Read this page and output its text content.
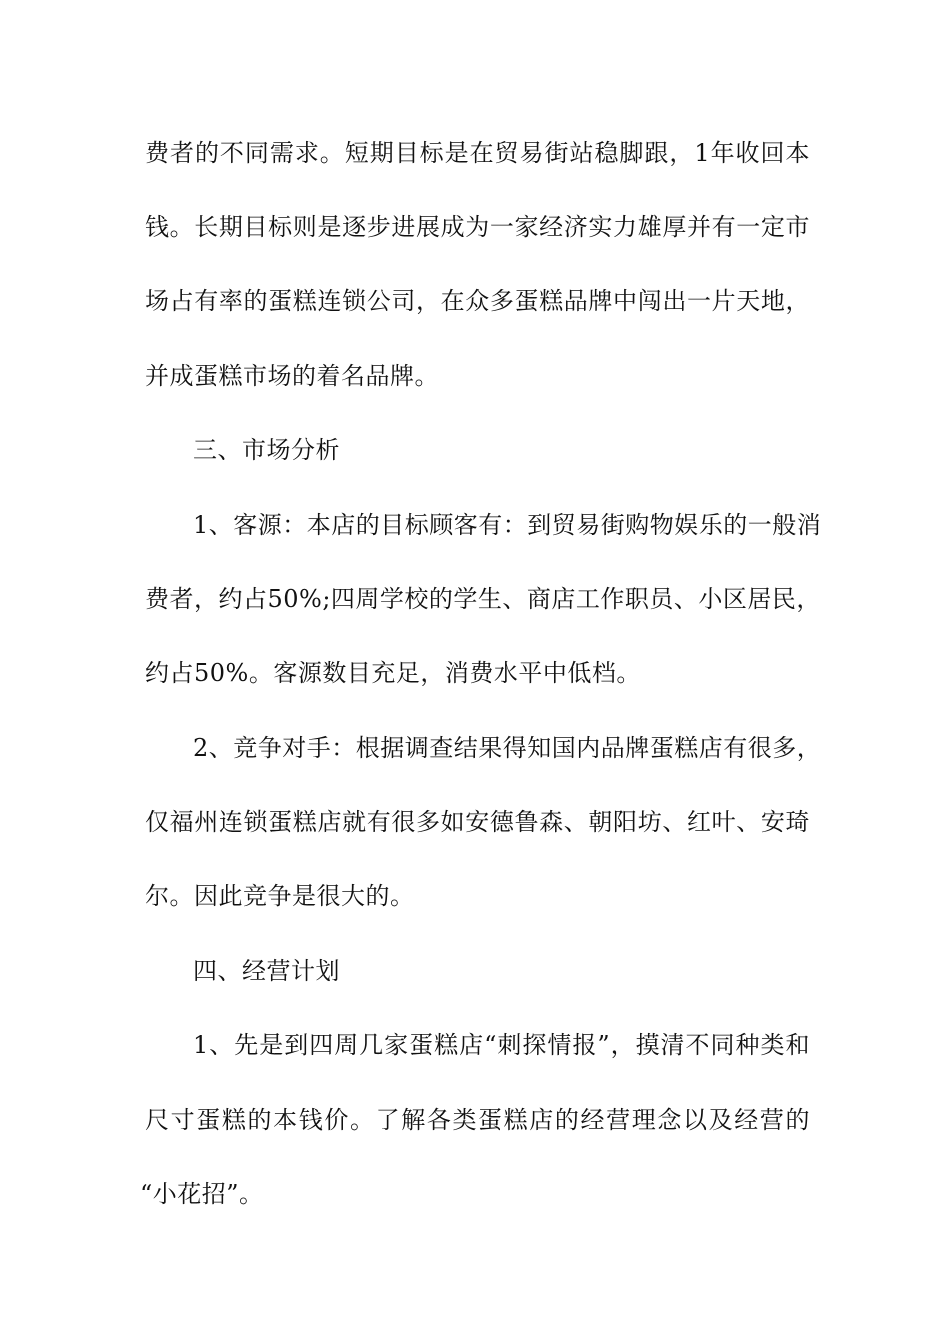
费者的不同需求。短期目标是在贸易街站稳脚跟，1年收回本
钱。长期目标则是逐步进展成为一家经济实力雄厚并有一定市
场占有率的蛋糕连锁公司，在众多蛋糕品牌中闯出一片天地，
并成蛋糕市场的着名品牌。
三、市场分析
1、客源：本店的目标顾客有：到贸易街购物娱乐的一般消
费者，约占50%;四周学校的学生、商店工作职员、小区居民，
约占50%。客源数目充足，消费水平中低档。
2、竞争对手：根据调查结果得知国内品牌蛋糕店有很多，
仅福州连锁蛋糕店就有很多如安德鲁森、朝阳坊、红叶、安琦
尔。因此竞争是很大的。
四、经营计划
1、先是到四周几家蛋糕店“刺探情报”，摸清不同种类和
尺寸蛋糕的本钱价。了解各类蛋糕店的经营理念以及经营的
“小花招”。
